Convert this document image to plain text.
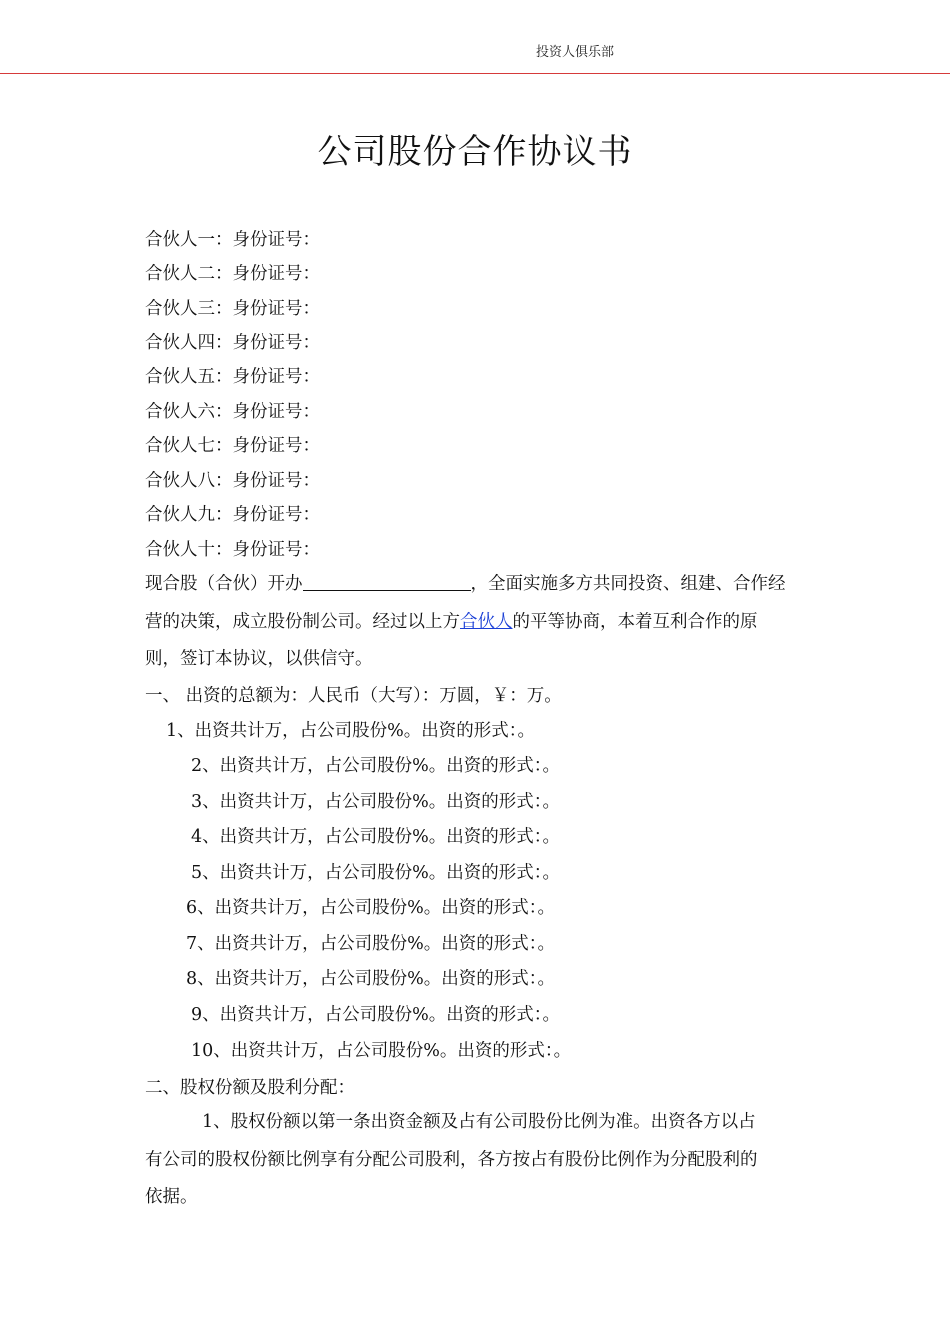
投资人俱乐部
公司股份合作协议书
合伙人一：身份证号：
合伙人二：身份证号：
合伙人三：身份证号：
合伙人四：身份证号：
合伙人五：身份证号：
合伙人六：身份证号：
合伙人七：身份证号：
合伙人八：身份证号：
合伙人九：身份证号：
合伙人十：身份证号：
现合股（合伙）开办	，全面实施多方共同投资、组建、合作经
营的决策，成立股份制公司。经过以上方合伙人的平等协商，本着互利合作的原
则，签订本协议，以供信守。
一、 出资的总额为：人民币（大写）：万圆，￥：万。
1、出资共计万，占公司股份%。出资的形式：。
2、出资共计万，占公司股份%。出资的形式：。
3、出资共计万，占公司股份%。出资的形式：。
4、出资共计万，占公司股份%。出资的形式：。
5、出资共计万，占公司股份%。出资的形式：。
6、出资共计万，占公司股份%。出资的形式：。
7、出资共计万，占公司股份%。出资的形式：。
8、出资共计万，占公司股份%。出资的形式：。
9、出资共计万，占公司股份%。出资的形式：。
10、出资共计万，占公司股份%。出资的形式：。
二、股权份额及股利分配：
1、股权份额以第一条出资金额及占有公司股份比例为准。出资各方以占
有公司的股权份额比例享有分配公司股利，各方按占有股份比例作为分配股利的
依据。
